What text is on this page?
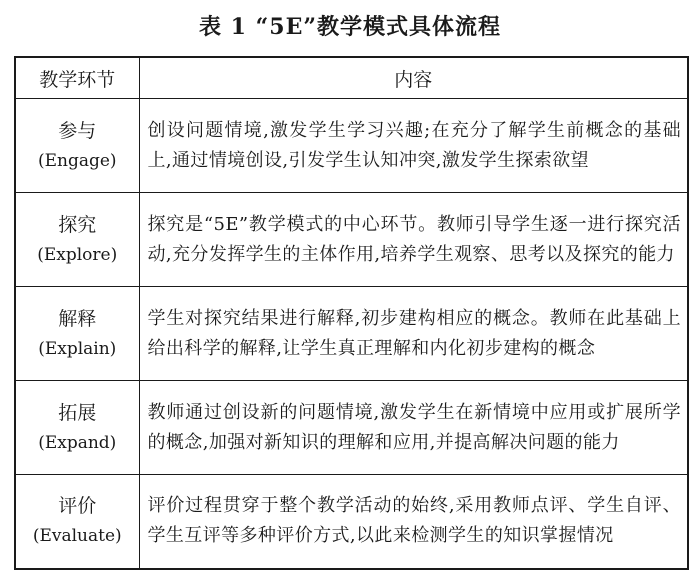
表 1 “5E”教学模式具体流程
教学环节	内容

参与
(Engage)	创设问题情境,激发学生学习兴趣;在充分了解学生前概念的基础上,通过情境创设,引发学生认知冲突,激发学生探索欲望

探究
(Explore)	探究是“5E”教学模式的中心环节。教师引导学生逐一进行探究活动,充分发挥学生的主体作用,培养学生观察、思考以及探究的能力

解释
(Explain)	学生对探究结果进行解释,初步建构相应的概念。教师在此基础上给出科学的解释,让学生真正理解和内化初步建构的概念

拓展
(Expand)	教师通过创设新的问题情境,激发学生在新情境中应用或扩展所学的概念,加强对新知识的理解和应用,并提高解决问题的能力

评价
(Evaluate)	评价过程贯穿于整个教学活动的始终,采用教师点评、学生自评、学生互评等多种评价方式,以此来检测学生的知识掌握情况
